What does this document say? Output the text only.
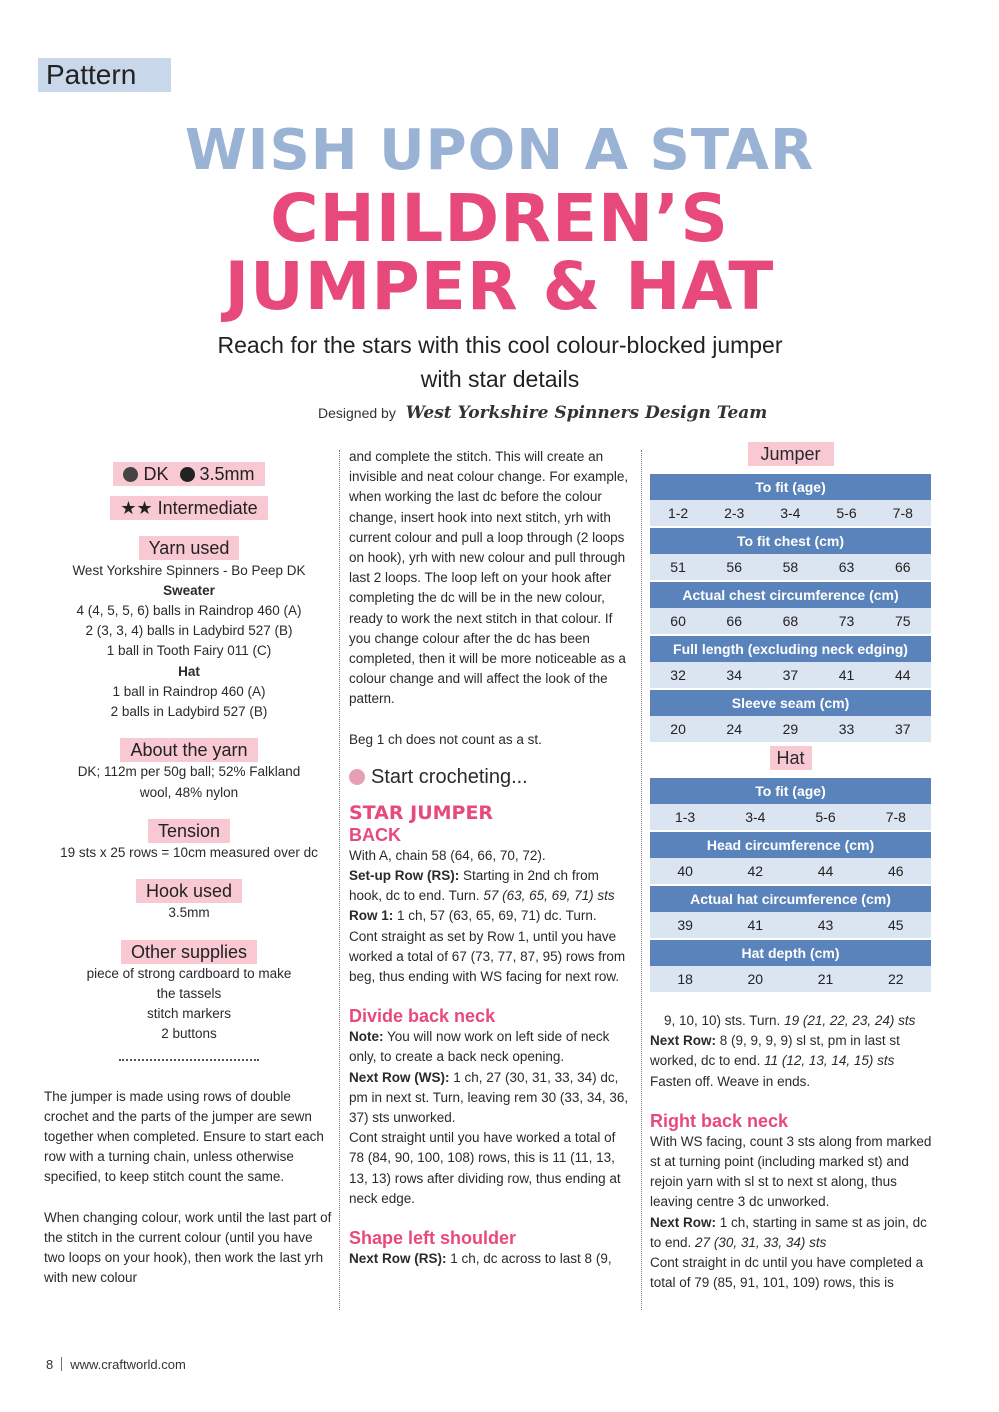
Pattern
WISH UPON A STAR
CHILDREN’S
JUMPER & HAT
Reach for the stars with this cool colour-blocked jumper
with star details
Designed by West Yorkshire Spinners Design Team
DK 3.5mm
★★ Intermediate
Yarn used
West Yorkshire Spinners - Bo Peep DK
Sweater
4 (4, 5, 5, 6) balls in Raindrop 460 (A)
2 (3, 3, 4) balls in Ladybird 527 (B)
1 ball in Tooth Fairy 011 (C)
Hat
1 ball in Raindrop 460 (A)
2 balls in Ladybird 527 (B)
About the yarn
DK; 112m per 50g ball; 52% Falkland
wool, 48% nylon
Tension
19 sts x 25 rows = 10cm measured over dc
Hook used
3.5mm
Other supplies
piece of strong cardboard to make
the tassels
stitch markers
2 buttons
The jumper is made using rows of double crochet and the parts of the jumper are sewn together when completed. Ensure to start each row with a turning chain, unless otherwise specified, to keep stitch count the same.
When changing colour, work until the last part of the stitch in the current colour (until you have two loops on your hook), then work the last yrh with new colour
and complete the stitch. This will create an invisible and neat colour change. For example, when working the last dc before the colour change, insert hook into next stitch, yrh with current colour and pull a loop through (2 loops on hook), yrh with new colour and pull through last 2 loops. The loop left on your hook after completing the dc will be in the new colour, ready to work the next stitch in that colour. If you change colour after the dc has been completed, then it will be more noticeable as a colour change and will affect the look of the pattern.
Beg 1 ch does not count as a st.
Start crocheting...
STAR JUMPER
BACK
With A, chain 58 (64, 66, 70, 72).
Set-up Row (RS): Starting in 2nd ch from hook, dc to end. Turn. 57 (63, 65, 69, 71) sts
Row 1: 1 ch, 57 (63, 65, 69, 71) dc. Turn.
Cont straight as set by Row 1, until you have worked a total of 67 (73, 77, 87, 95) rows from beg, thus ending with WS facing for next row.
Divide back neck
Note: You will now work on left side of neck only, to create a back neck opening.
Next Row (WS): 1 ch, 27 (30, 31, 33, 34) dc, pm in next st. Turn, leaving rem 30 (33, 34, 36, 37) sts unworked.
Cont straight until you have worked a total of 78 (84, 90, 100, 108) rows, this is 11 (11, 13, 13, 13) rows after dividing row, thus ending at neck edge.
Shape left shoulder
Next Row (RS): 1 ch, dc across to last 8 (9,
Jumper
To fit (age)				
1-2	2-3	3-4	5-6	7-8

To fit chest (cm)				
51	56	58	63	66

Actual chest circumference (cm)				
60	66	68	73	75

Full length (excluding neck edging)				
32	34	37	41	44

Sleeve seam (cm)				
20	24	29	33	37
Hat
To fit (age)			
1-3	3-4	5-6	7-8

Head circumference (cm)			
40	42	44	46

Actual hat circumference (cm)			
39	41	43	45

Hat depth (cm)			
18	20	21	22
9, 10, 10) sts. Turn. 19 (21, 22, 23, 24) sts
Next Row: 8 (9, 9, 9, 9) sl st, pm in last st worked, dc to end. 11 (12, 13, 14, 15) sts
Fasten off. Weave in ends.
Right back neck
With WS facing, count 3 sts along from marked st at turning point (including marked st) and rejoin yarn with sl st to next st along, thus leaving centre 3 dc unworked.
Next Row: 1 ch, starting in same st as join, dc to end. 27 (30, 31, 33, 34) sts
Cont straight in dc until you have completed a total of 79 (85, 91, 101, 109) rows, this is
8 www.craftworld.com
